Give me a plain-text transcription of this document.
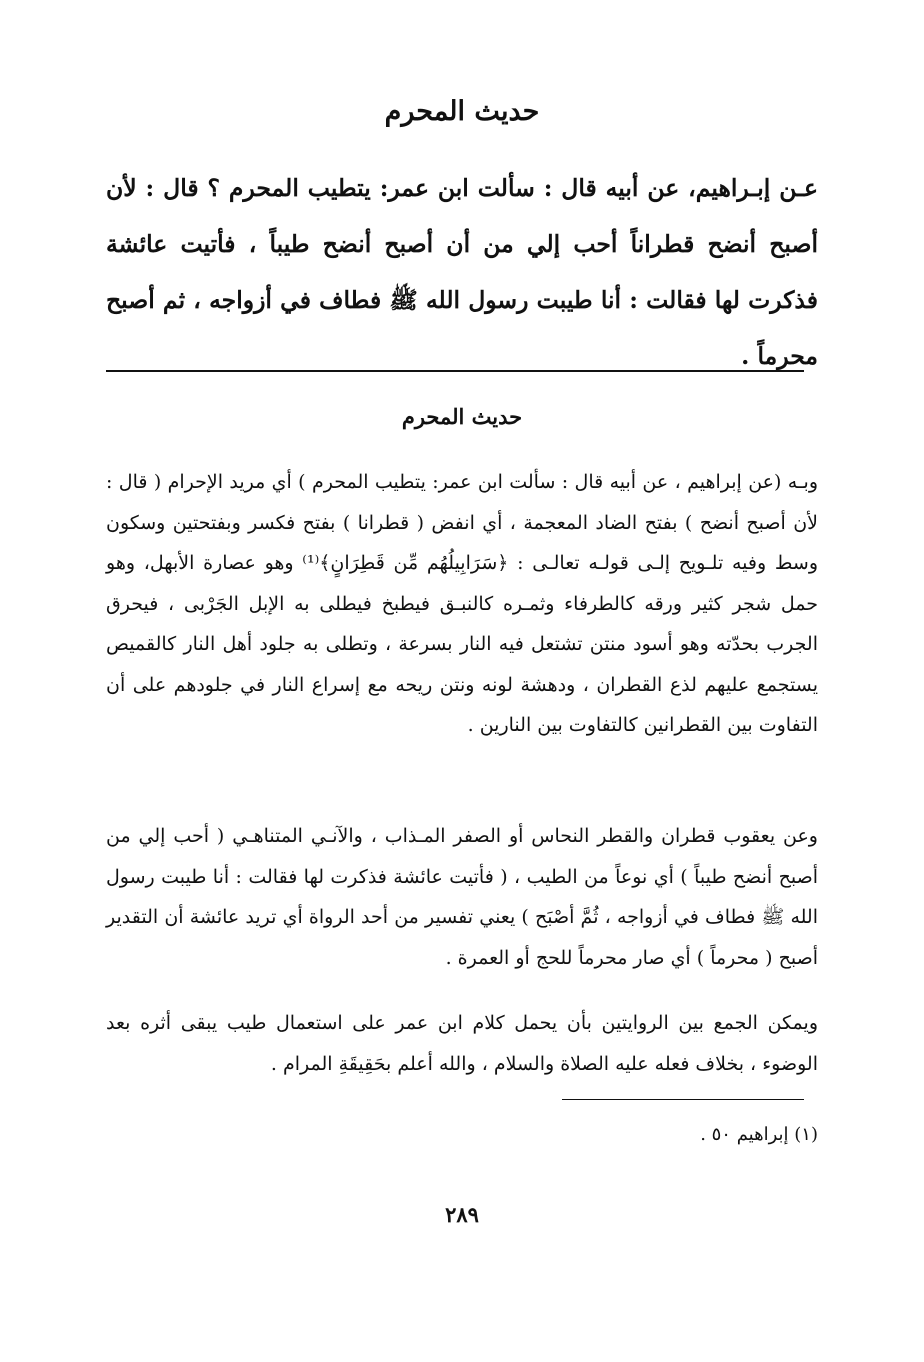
حديث المحرم

عـن إبـراهيم، عن أبيه قال : سألت ابن عمر: يتطيب المحرم ؟ قال : لأن أصبح أنضح قطراناً أحب إلي من أن أصبح أنضح طيباً ، فأتيت عائشة فذكرت لها فقالت : أنا طيبت رسول الله ﷺ فطاف في أزواجه ، ثم أصبح محرماً .

حديث المحرم

وبـه (عن إبراهيم ، عن أبيه قال : سألت ابن عمر: يتطيب المحرم ) أي مريد الإحرام ( قال : لأن أصبح أنضح ) بفتح الضاد المعجمة ، أي انفض ( قطرانا ) بفتح فكسر وبفتحتين وسكون وسط وفيه تلـويح إلـى قولـه تعالـى : ﴿سَرَابِيلُهُم مِّن قَطِرَانٍ﴾⁽¹⁾ وهو عصارة الأبهل، وهو حمل شجر كثير ورقه كالطرفاء وثمـره كالنبـق فيطبخ فيطلى به الإبل الجَرْبى ، فيحرق الجرب بحدّته وهو أسود منتن تشتعل فيه النار بسرعة ، وتطلى به جلود أهل النار كالقميص يستجمع عليهم لذع القطران ، ودهشة لونه ونتن ريحه مع إسراع النار في جلودهم على أن التفاوت بين القطرانين كالتفاوت بين النارين .

وعن يعقوب قطران والقطر النحاس أو الصفر المـذاب ، والآنـي المتناهـي ( أحب إلي من أصبح أنضح طيباً ) أي نوعاً من الطيب ، ( فأتيت عائشة فذكرت لها فقالت : أنا طيبت رسول الله ﷺ فطاف في أزواجه ، ثُمَّ أصْبَح ) يعني تفسير من أحد الرواة أي تريد عائشة أن التقدير أصبح ( محرماً ) أي صار محرماً للحج أو العمرة .

ويمكن الجمع بين الروايتين بأن يحمل كلام ابن عمر على استعمال طيب يبقى أثره بعد الوضوء ، بخلاف فعله عليه الصلاة والسلام ، والله أعلم بحَقِيقَةِ المرام .

(١) إبراهيم ٥٠ .

٢٨٩
